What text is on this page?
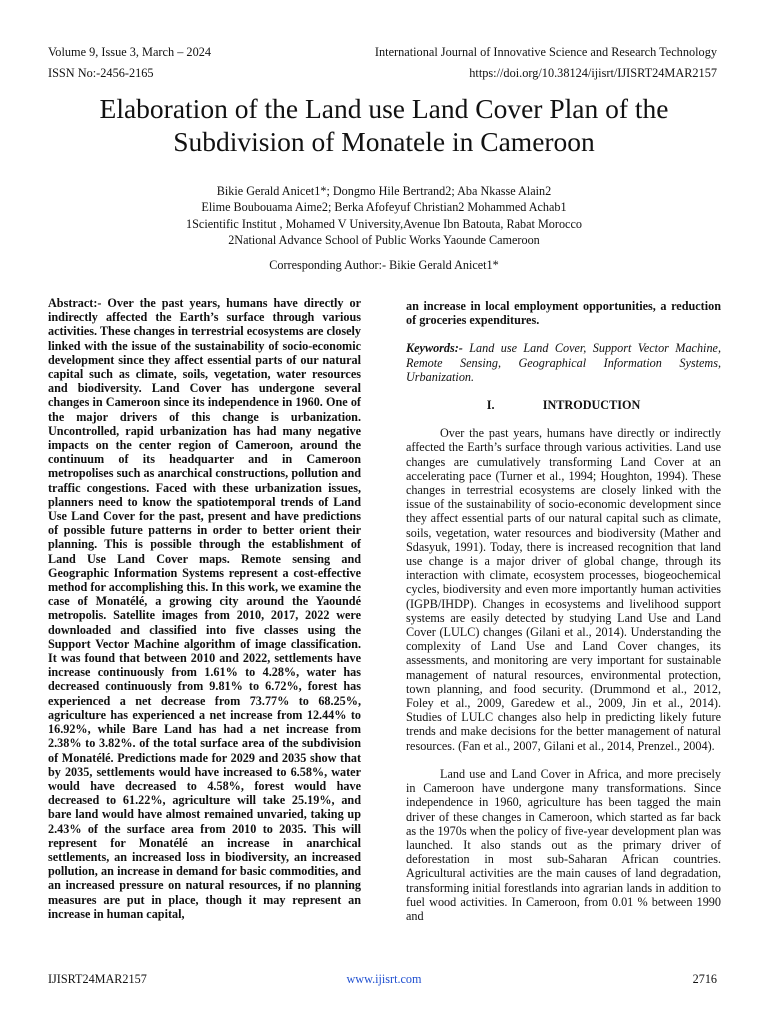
Volume 9, Issue 3, March – 2024	International Journal of Innovative Science and Research Technology
ISSN No:-2456-2165	https://doi.org/10.38124/ijisrt/IJISRT24MAR2157
Elaboration of the Land use Land Cover Plan of the
Subdivision of Monatele in Cameroon
Bikie Gerald Anicet1*; Dongmo Hile Bertrand2; Aba Nkasse Alain2
Elime Boubouama Aime2; Berka Afofeyuf Christian2 Mohammed Achab1
1Scientific Institut , Mohamed V University,Avenue Ibn Batouta, Rabat Morocco
2National Advance School of Public Works Yaounde Cameroon
Corresponding Author:- Bikie Gerald Anicet1*

Abstract:- Over the past years, humans have directly or indirectly affected the Earth’s surface through various activities. These changes in terrestrial ecosystems are closely linked with the issue of the sustainability of socio-economic development since they affect essential parts of our natural capital such as climate, soils, vegetation, water resources and biodiversity. Land Cover has undergone several changes in Cameroon since its independence in 1960. One of the major drivers of this change is urbanization. Uncontrolled, rapid urbanization has had many negative impacts on the center region of Cameroon, around the continuum of its headquarter and in Cameroon metropolises such as anarchical constructions, pollution and traffic congestions. Faced with these urbanization issues, planners need to know the spatiotemporal trends of Land Use Land Cover for the past, present and have predictions of possible future patterns in order to better orient their planning. This is possible through the establishment of Land Use Land Cover maps. Remote sensing and Geographic Information Systems represent a cost-effective method for accomplishing this. In this work, we examine the case of Monatélé, a growing city around the Yaoundé metropolis. Satellite images from 2010, 2017, 2022 were downloaded and classified into five classes using the Support Vector Machine algorithm of image classification. It was found that between 2010 and 2022, settlements have increase continuously from 1.61% to 4.28%, water has decreased continuously from 9.81% to 6.72%, forest has experienced a net decrease from 73.77% to 68.25%, agriculture has experienced a net increase from 12.44% to 16.92%, while Bare Land has had a net increase from 2.38% to 3.82%. of the total surface area of the subdivision of Monatélé. Predictions made for 2029 and 2035 show that by 2035, settlements would have increased to 6.58%, water would have decreased to 4.58%, forest would have decreased to 61.22%, agriculture will take 25.19%, and bare land would have almost remained unvaried, taking up 2.43% of the surface area from 2010 to 2035. This will represent for Monatélé an increase in anarchical settlements, an increased loss in biodiversity, an increased pollution, an increase in demand for basic commodities, and an increased pressure on natural resources, if no planning measures are put in place, though it may represent an increase in human capital,

an increase in local employment opportunities, a reduction of groceries expenditures.

Keywords:- Land use Land Cover, Support Vector Machine, Remote Sensing, Geographical Information Systems, Urbanization.

I.	INTRODUCTION

Over the past years, humans have directly or indirectly affected the Earth’s surface through various activities. Land use changes are cumulatively transforming Land Cover at an accelerating pace (Turner et al., 1994; Houghton, 1994). These changes in terrestrial ecosystems are closely linked with the issue of the sustainability of socio-economic development since they affect essential parts of our natural capital such as climate, soils, vegetation, water resources and biodiversity (Mather and Sdasyuk, 1991). Today, there is increased recognition that land use change is a major driver of global change, through its interaction with climate, ecosystem processes, biogeochemical cycles, biodiversity and even more importantly human activities (IGPB/IHDP). Changes in ecosystems and livelihood support systems are easily detected by studying Land Use and Land Cover (LULC) changes (Gilani et al., 2014). Understanding the complexity of Land Use and Land Cover changes, its assessments, and monitoring are very important for sustainable management of natural resources, environmental protection, town planning, and food security. (Drummond et al., 2012, Foley et al., 2009, Garedew et al., 2009, Jin et al., 2014). Studies of LULC changes also help in predicting likely future trends and make decisions for the better management of natural resources. (Fan et al., 2007, Gilani et al., 2014, Prenzel., 2004).

Land use and Land Cover in Africa, and more precisely in Cameroon have undergone many transformations. Since independence in 1960, agriculture has been tagged the main driver of these changes in Cameroon, which started as far back as the 1970s when the policy of five-year development plan was launched. It also stands out as the primary driver of deforestation in most sub-Saharan African countries. Agricultural activities are the main causes of land degradation, transforming initial forestlands into agrarian lands in addition to fuel wood activities. In Cameroon, from 0.01 % between 1990 and

IJISRT24MAR2157	www.ijisrt.com	2716
